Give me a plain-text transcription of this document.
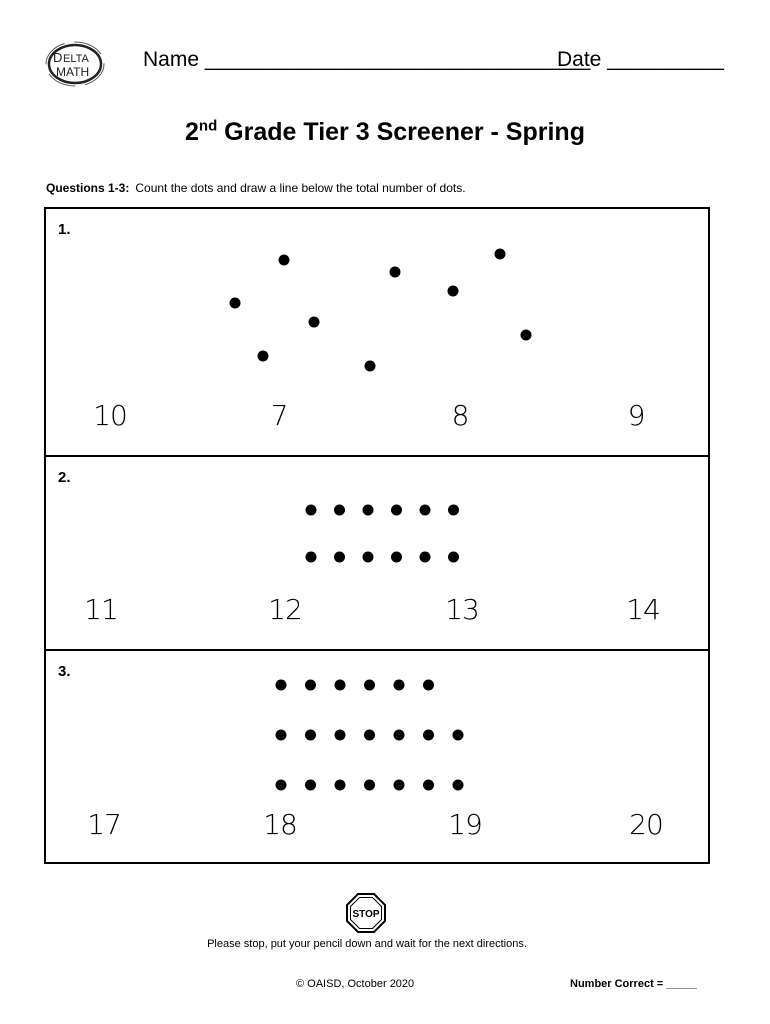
D ELTA
MATH
Name _________________________________
Date __________
2nd Grade Tier 3 Screener - Spring
Questions 1-3: Count the dots and draw a line below the total number of dots.
1.
10	7	8	9
2.
11	12	13	14
3.
17	18	19	20
STOP
Please stop, put your pencil down and wait for the next directions.
© OAISD, October 2020	Number Correct = _____
